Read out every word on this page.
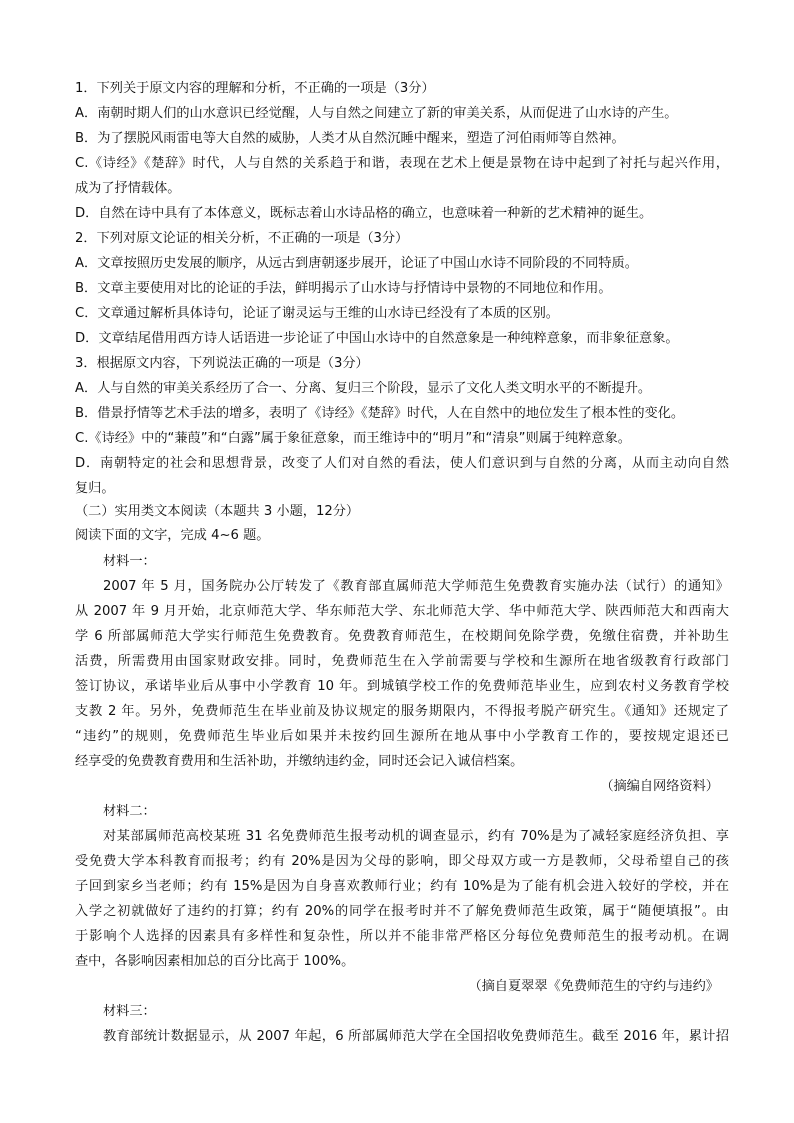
1．下列关于原文内容的理解和分析，不正确的一项是（3分）
A．南朝时期人们的山水意识已经觉醒，人与自然之间建立了新的审美关系，从而促进了山水诗的产生。
B．为了摆脱风雨雷电等大自然的威胁，人类才从自然沉睡中醒来，塑造了河伯雨师等自然神。
C.《诗经》《楚辞》时代，人与自然的关系趋于和谐，表现在艺术上便是景物在诗中起到了衬托与起兴作用，
成为了抒情载体。
D．自然在诗中具有了本体意义，既标志着山水诗品格的确立，也意味着一种新的艺术精神的诞生。
2．下列对原文论证的相关分析，不正确的一项是（3分）
A．文章按照历史发展的顺序，从远古到唐朝逐步展开，论证了中国山水诗不同阶段的不同特质。
B．文章主要使用对比的论证的手法，鲜明揭示了山水诗与抒情诗中景物的不同地位和作用。
C．文章通过解析具体诗句，论证了谢灵运与王维的山水诗已经没有了本质的区别。
D．文章结尾借用西方诗人话语进一步论证了中国山水诗中的自然意象是一种纯粹意象，而非象征意象。
3．根据原文内容，下列说法正确的一项是（3分）
A．人与自然的审美关系经历了合一、分离、复归三个阶段，显示了文化人类文明水平的不断提升。
B．借景抒情等艺术手法的增多，表明了《诗经》《楚辞》时代，人在自然中的地位发生了根本性的变化。
C.《诗经》中的“蒹葭”和“白露”属于象征意象，而王维诗中的“明月”和“清泉”则属于纯粹意象。
D．南朝特定的社会和思想背景，改变了人们对自然的看法，使人们意识到与自然的分离，从而主动向自然
复归。
（二）实用类文本阅读（本题共 3 小题，12分）
阅读下面的文字，完成 4~6 题。
材料一：
2007 年 5 月，国务院办公厅转发了《教育部直属师范大学师范生免费教育实施办法（试行）的通知》
从 2007 年 9 月开始，北京师范大学、华东师范大学、东北师范大学、华中师范大学、陕西师范大和西南大
学 6 所部属师范大学实行师范生免费教育。免费教育师范生，在校期间免除学费，免缴住宿费，并补助生
活费，所需费用由国家财政安排。同时，免费师范生在入学前需要与学校和生源所在地省级教育行政部门
签订协议，承诺毕业后从事中小学教育 10 年。到城镇学校工作的免费师范毕业生，应到农村义务教育学校
支教 2 年。另外，免费师范生在毕业前及协议规定的服务期限内，不得报考脱产研究生。《通知》还规定了
“违约”的规则，免费师范生毕业后如果并未按约回生源所在地从事中小学教育工作的，要按规定退还已
经享受的免费教育费用和生活补助，并缴纳违约金，同时还会记入诚信档案。
（摘编自网络资料）
材料二：
对某部属师范高校某班 31 名免费师范生报考动机的调查显示，约有 70%是为了减轻家庭经济负担、享
受免费大学本科教育而报考；约有 20%是因为父母的影响，即父母双方或一方是教师，父母希望自己的孩
子回到家乡当老师；约有 15%是因为自身喜欢教师行业；约有 10%是为了能有机会进入较好的学校，并在
入学之初就做好了违约的打算；约有 20%的同学在报考时并不了解免费师范生政策，属于“随便填报”。由
于影响个人选择的因素具有多样性和复杂性，所以并不能非常严格区分每位免费师范生的报考动机。在调
查中，各影响因素相加总的百分比高于 100%。
（摘自夏翠翠《免费师范生的守约与违约》
材料三：
教育部统计数据显示，从 2007 年起，6 所部属师范大学在全国招收免费师范生。截至 2016 年，累计招
